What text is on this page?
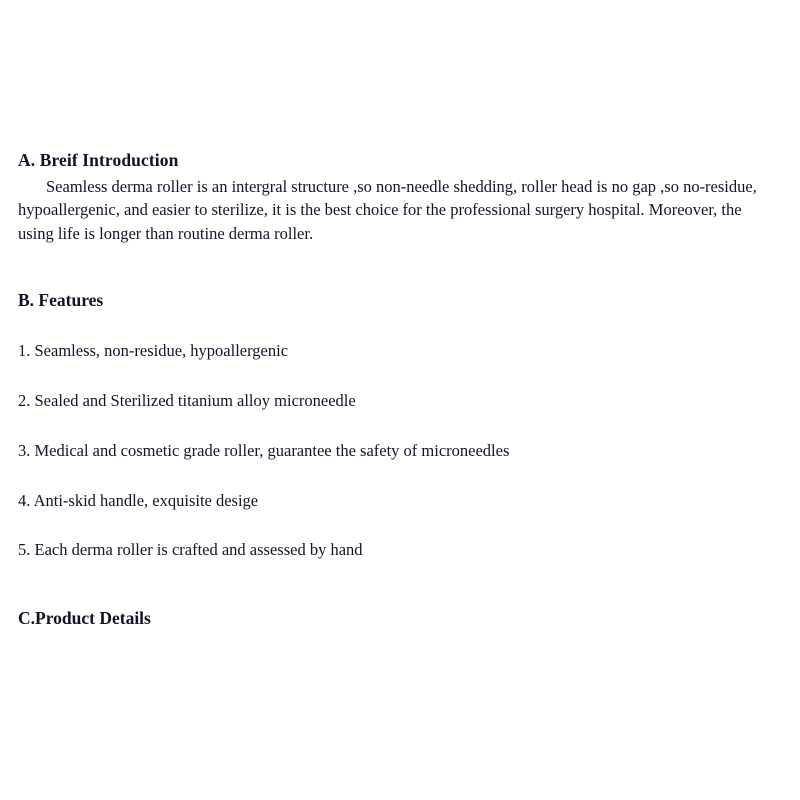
A. Breif Introduction

Seamless derma roller is an intergral structure ,so non-needle shedding, roller head is no gap ,so no-residue, hypoallergenic, and easier to sterilize, it is the best choice for the professional surgery hospital. Moreover, the using life is longer than routine derma roller.

B. Features
1. Seamless, non-residue, hypoallergenic
2. Sealed and Sterilized titanium alloy microneedle
3. Medical and cosmetic grade roller, guarantee the safety of microneedles
4. Anti-skid handle, exquisite desige
5. Each derma roller is crafted and assessed by hand
C.Product Details
